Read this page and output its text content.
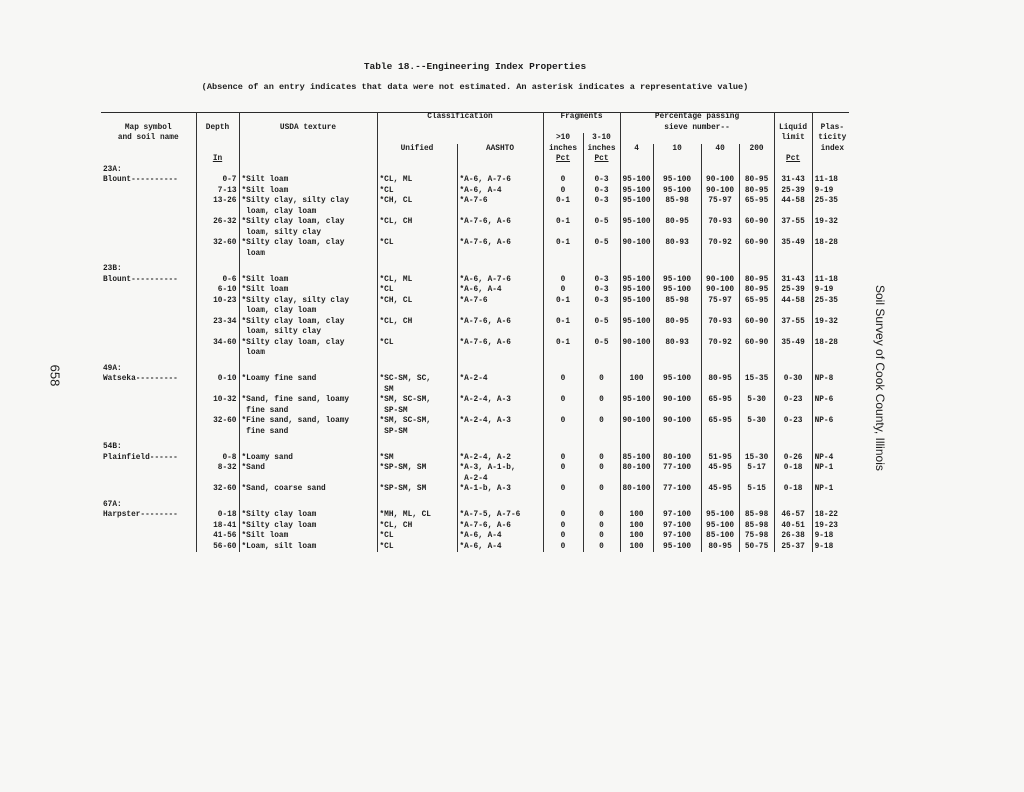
Table 18.--Engineering Index Properties
(Absence of an entry indicates that data were not estimated. An asterisk indicates a representative value)
658	Soil Survey of Cook County, Illinois
			Classification		Fragments		Percentage passing					
Map symbol	Depth	USDA texture					sieve number--				Liquid	Plas-
and soil name					>10	3-10					limit	ticity
			Unified	AASHTO	inches	inches	4	10	40	200		index
	In				Pct	Pct					Pct	
23A:												
Blount----------	0-7	*Silt loam	*CL, ML	*A-6, A-7-6	0	0-3	95-100	95-100	90-100	80-95	31-43	11-18
	7-13	*Silt loam	*CL	*A-6, A-4	0	0-3	95-100	95-100	90-100	80-95	25-39	9-19
	13-26	*Silty clay, silty clay	*CH, CL	*A-7-6	0-1	0-3	95-100	85-98	75-97	65-95	44-58	25-35
		loam, clay loam										
	26-32	*Silty clay loam, clay	*CL, CH	*A-7-6, A-6	0-1	0-5	95-100	80-95	70-93	60-90	37-55	19-32
		loam, silty clay										
	32-60	*Silty clay loam, clay	*CL	*A-7-6, A-6	0-1	0-5	90-100	80-93	70-92	60-90	35-49	18-28
		loam										

23B:												
Blount----------	0-6	*Silt loam	*CL, ML	*A-6, A-7-6	0	0-3	95-100	95-100	90-100	80-95	31-43	11-18
	6-10	*Silt loam	*CL	*A-6, A-4	0	0-3	95-100	95-100	90-100	80-95	25-39	9-19
	10-23	*Silty clay, silty clay	*CH, CL	*A-7-6	0-1	0-3	95-100	85-98	75-97	65-95	44-58	25-35
		loam, clay loam										
	23-34	*Silty clay loam, clay	*CL, CH	*A-7-6, A-6	0-1	0-5	95-100	80-95	70-93	60-90	37-55	19-32
		loam, silty clay										
	34-60	*Silty clay loam, clay	*CL	*A-7-6, A-6	0-1	0-5	90-100	80-93	70-92	60-90	35-49	18-28
		loam										

49A:												
Watseka---------	0-10	*Loamy fine sand	*SC-SM, SC,	*A-2-4	0	0	100	95-100	80-95	15-35	0-30	NP-8
			SM									
	10-32	*Sand, fine sand, loamy	*SM, SC-SM,	*A-2-4, A-3	0	0	95-100	90-100	65-95	5-30	0-23	NP-6
		fine sand	SP-SM									
	32-60	*Fine sand, sand, loamy	*SM, SC-SM,	*A-2-4, A-3	0	0	90-100	90-100	65-95	5-30	0-23	NP-6
		fine sand	SP-SM									

54B:												
Plainfield------	0-8	*Loamy sand	*SM	*A-2-4, A-2	0	0	85-100	80-100	51-95	15-30	0-26	NP-4
	8-32	*Sand	*SP-SM, SM	*A-3, A-1-b,	0	0	80-100	77-100	45-95	5-17	0-18	NP-1
				A-2-4								
	32-60	*Sand, coarse sand	*SP-SM, SM	*A-1-b, A-3	0	0	80-100	77-100	45-95	5-15	0-18	NP-1

67A:												
Harpster--------	0-18	*Silty clay loam	*MH, ML, CL	*A-7-5, A-7-6	0	0	100	97-100	95-100	85-98	46-57	18-22
	18-41	*Silty clay loam	*CL, CH	*A-7-6, A-6	0	0	100	97-100	95-100	85-98	40-51	19-23
	41-56	*Silt loam	*CL	*A-6, A-4	0	0	100	97-100	85-100	75-98	26-38	9-18
	56-60	*Loam, silt loam	*CL	*A-6, A-4	0	0	100	95-100	80-95	50-75	25-37	9-18
